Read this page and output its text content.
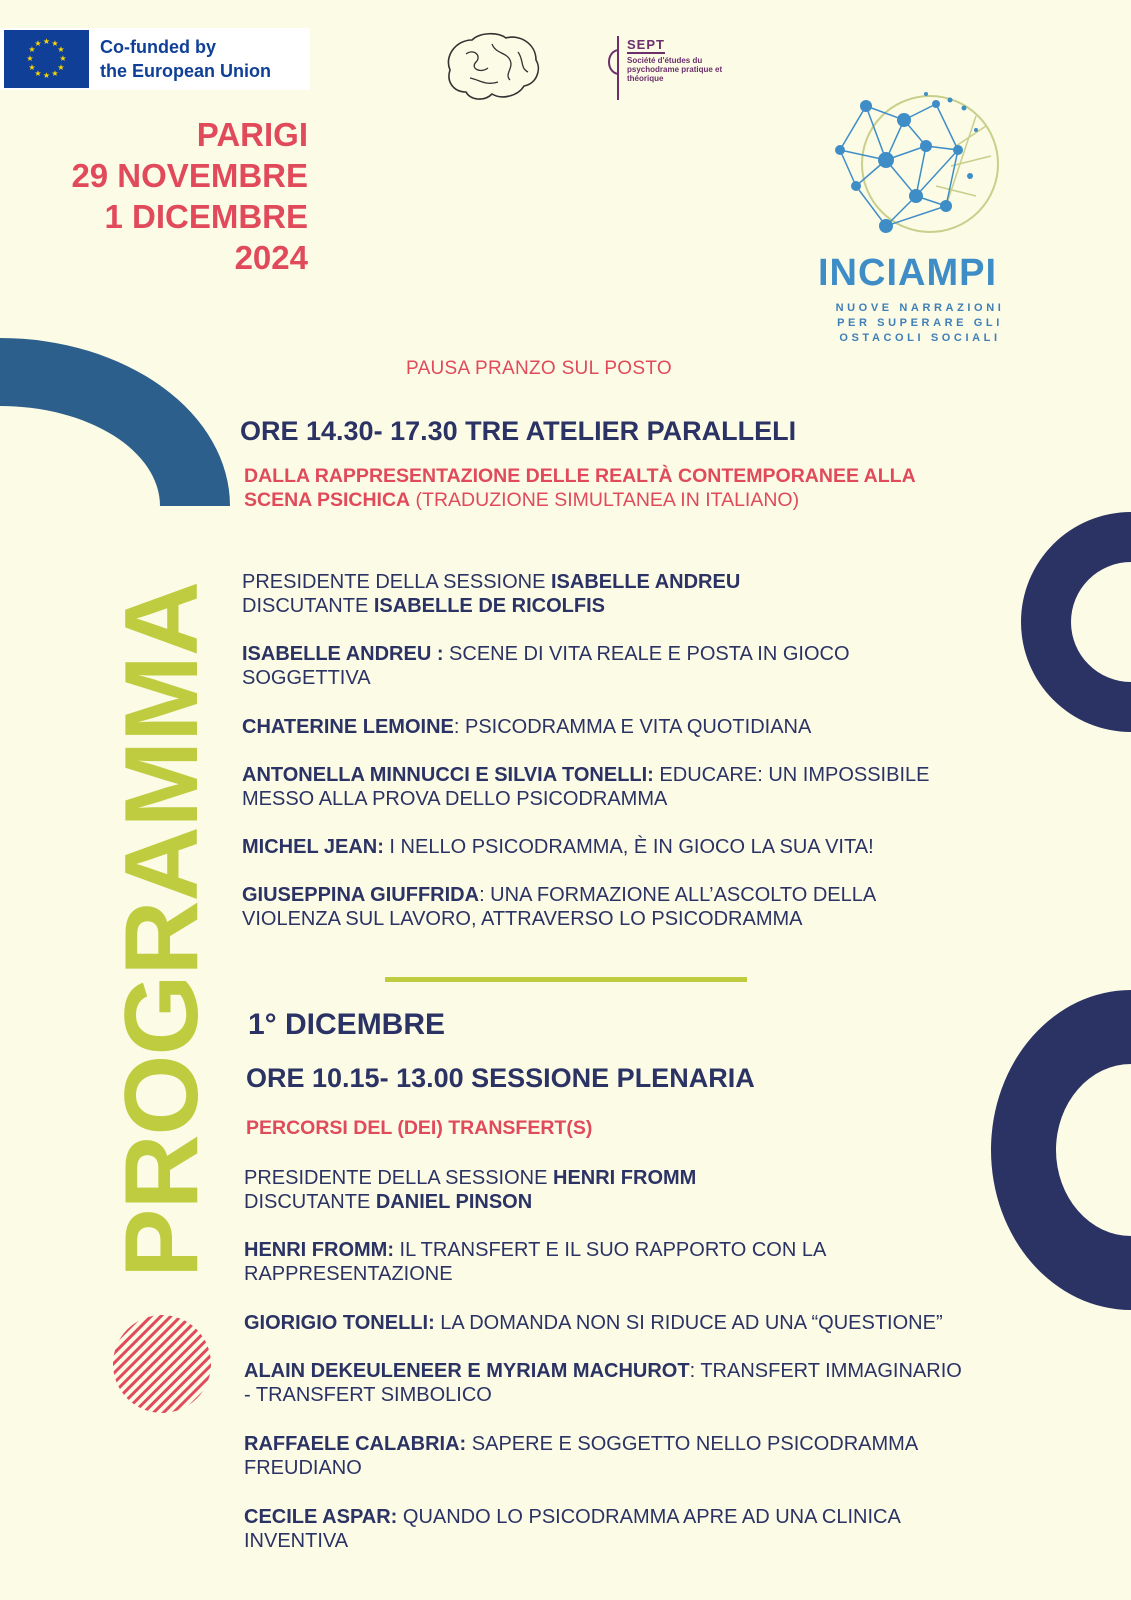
★ ★
★
★
★
★
★
★
★
★
★
★	Co-funded by
the European Union
SEPT
Société d'études du psychodrame pratique et théorique
PARIGI
29 NOVEMBRE
1 DICEMBRE
2024	INCIAMPI
NUOVE NARRAZIONI
PER SUPERARE GLI
OSTACOLI SOCIALI
PROGRAMMA
PAUSA PRANZO SUL POSTO
ORE 14.30- 17.30 TRE ATELIER PARALLELI
DALLA RAPPRESENTAZIONE DELLE REALTÀ CONTEMPORANEE ALLA
SCENA PSICHICA (TRADUZIONE SIMULTANEA IN ITALIANO)
PRESIDENTE DELLA SESSIONE ISABELLE ANDREU
DISCUTANTE ISABELLE DE RICOLFIS
ISABELLE ANDREU : SCENE DI VITA REALE E POSTA IN GIOCO
SOGGETTIVA
CHATERINE LEMOINE: PSICODRAMMA E VITA QUOTIDIANA
ANTONELLA MINNUCCI E SILVIA TONELLI: EDUCARE: UN IMPOSSIBILE
MESSO ALLA PROVA DELLO PSICODRAMMA
MICHEL JEAN: I NELLO PSICODRAMMA, È IN GIOCO LA SUA VITA!
GIUSEPPINA GIUFFRIDA: UNA FORMAZIONE ALL’ASCOLTO DELLA
VIOLENZA SUL LAVORO, ATTRAVERSO LO PSICODRAMMA
1° DICEMBRE
ORE 10.15- 13.00 SESSIONE PLENARIA
PERCORSI DEL (DEI) TRANSFERT(S)
PRESIDENTE DELLA SESSIONE HENRI FROMM
DISCUTANTE DANIEL PINSON
HENRI FROMM: IL TRANSFERT E IL SUO RAPPORTO CON LA
RAPPRESENTAZIONE
GIORIGIO TONELLI: LA DOMANDA NON SI RIDUCE AD UNA “QUESTIONE”
ALAIN DEKEULENEER E MYRIAM MACHUROT: TRANSFERT IMMAGINARIO
- TRANSFERT SIMBOLICO
RAFFAELE CALABRIA: SAPERE E SOGGETTO NELLO PSICODRAMMA
FREUDIANO
CECILE ASPAR: QUANDO LO PSICODRAMMA APRE AD UNA CLINICA
INVENTIVA
